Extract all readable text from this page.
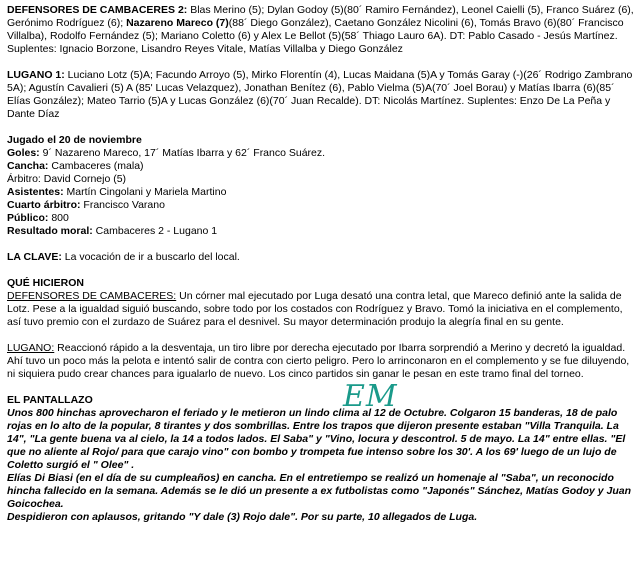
DEFENSORES DE CAMBACERES 2: Blas Merino (5); Dylan Godoy (5)(80´ Ramiro Fernández), Leonel Caielli (5), Franco Suárez (6), Gerónimo Rodríguez (6); Nazareno Mareco (7)(88´ Diego González), Caetano González Nicolini (6), Tomás Bravo (6)(80´ Francisco Villalba), Rodolfo Fernández (5); Mariano Coletto (6) y Alex Le Bellot (5)(58´ Thiago Lauro 6A). DT: Pablo Casado - Jesús Martínez. Suplentes: Ignacio Borzone, Lisandro Reyes Vitale, Matías Villalba y Diego González

LUGANO 1: Luciano Lotz (5)A; Facundo Arroyo (5), Mirko Florentín (4), Lucas Maidana (5)A y Tomás Garay (-)(26´ Rodrigo Zambrano 5A); Agustín Cavalieri (5) A (85' Lucas Velazquez), Jonathan Benítez (6), Pablo Vielma (5)A(70´ Joel Borau) y Matías Ibarra (6)(85´ Elías González); Mateo Tarrio (5)A y Lucas González (6)(70´ Juan Recalde). DT: Nicolás Martínez. Suplentes: Enzo De La Peña y Dante Díaz

Jugado el 20 de noviembre

Goles: 9´ Nazareno Mareco, 17´ Matías Ibarra y 62´ Franco Suárez.

Cancha: Cambaceres (mala)

Árbitro: David Cornejo (5)

Asistentes: Martín Cingolani y Mariela Martino

Cuarto árbitro: Francisco Varano

Público: 800

Resultado moral: Cambaceres 2 - Lugano 1

LA CLAVE: La vocación de ir a buscarlo del local.

QUÉ HICIERON

DEFENSORES DE CAMBACERES: Un córner mal ejecutado por Luga desató una contra letal, que Mareco definió ante la salida de Lotz. Pese a la igualdad siguió buscando, sobre todo por los costados con Rodríguez y Bravo. Tomó la iniciativa en el complemento, así tuvo premio con el zurdazo de Suárez para el desnivel. Su mayor determinación produjo la alegría final en su gente.

LUGANO: Reaccionó rápido a la desventaja, un tiro libre por derecha ejecutado por Ibarra sorprendió a Merino y decretó la igualdad. Ahí tuvo un poco más la pelota e intentó salir de contra con cierto peligro. Pero lo arrinconaron en el complemento y se fue diluyendo, ni siquiera pudo crear chances para igualarlo de nuevo. Los cinco partidos sin ganar le pesan en este tramo final del torneo.

EL PANTALLAZO

Unos 800 hinchas aprovecharon el feriado y le metieron un lindo clima al 12 de Octubre. Colgaron 15 banderas, 18 de palo rojas en lo alto de la popular, 8 tirantes y dos sombrillas. Entre los trapos que dijeron presente estaban "Villa Tranquila. La 14", "La gente buena va al cielo, la 14 a todos lados. El Saba" y "Vino, locura y descontrol. 5 de mayo. La 14" entre ellas. "El que no aliente al Rojo/ para que carajo vino" con bombo y trompeta fue intenso sobre los 30'. A los 69' luego de un lujo de Coletto surgió el " Olee" .

Elías Di Biasi (en el día de su cumpleaños) en cancha. En el entretiempo se realizó un homenaje al "Saba", un reconocido hincha fallecido en la semana. Además se le dió un presente a ex futbolistas como "Japonés" Sánchez, Matías Godoy y Juan Goicochea.

Despidieron con aplausos, gritando "Y dale (3) Rojo dale". Por su parte, 10 allegados de Luga.

EM
